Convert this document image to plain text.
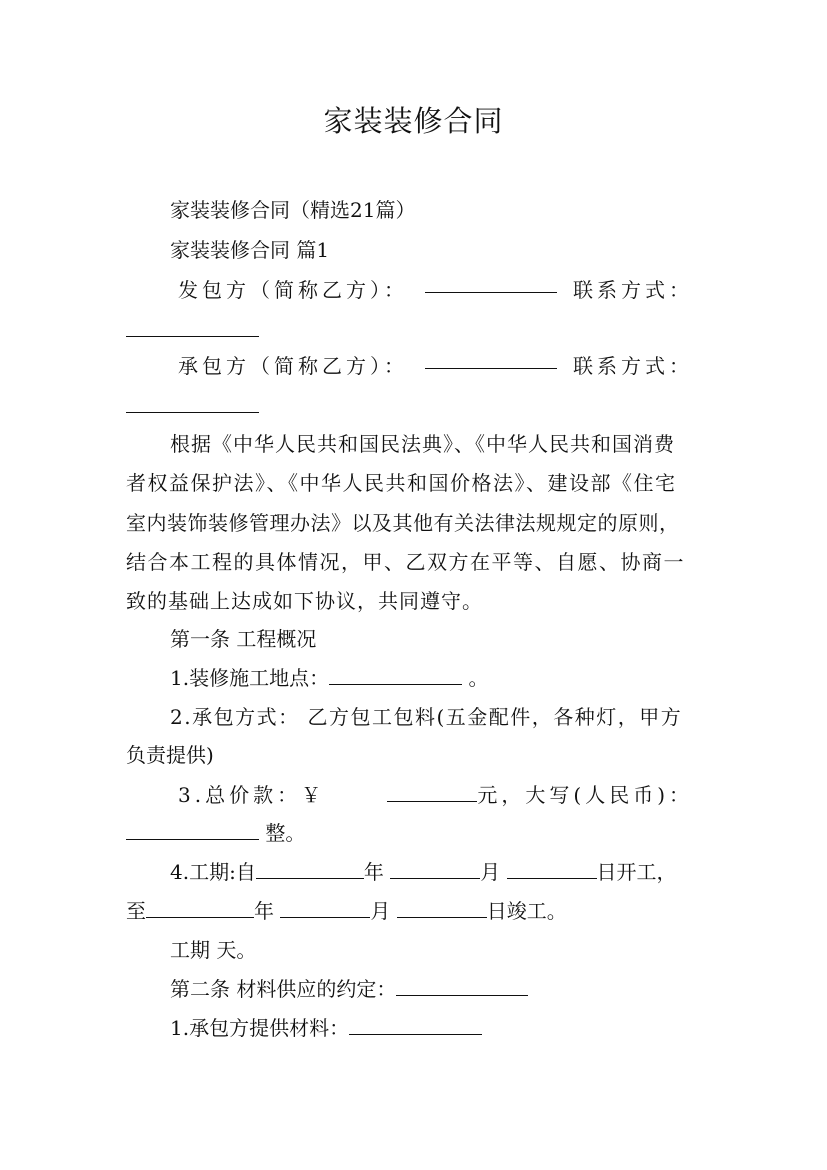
家装装修合同
家装装修合同（精选21篇）
家装装修合同 篇1
发包方（简称乙方）：	联系方式：
承包方（简称乙方）：	联系方式：
根据《中华人民共和国民法典》、《中华人民共和国消费
者权益保护法》、《中华人民共和国价格法》、建设部《住宅
室内装饰装修管理办法》以及其他有关法律法规规定的原则，
结合本工程的具体情况，甲、乙双方在平等、自愿、协商一
致的基础上达成如下协议，共同遵守。
第一条 工程概况
1.装修施工地点：	。
2.承包方式： 乙方包工包料(五金配件，各种灯，甲方
负责提供)
3.总价款：￥	元，大写(人民币)：
整。
4.工期:自	年	月	日开工，
至	年	月	日竣工。
工期 天。
第二条 材料供应的约定：
1.承包方提供材料：
